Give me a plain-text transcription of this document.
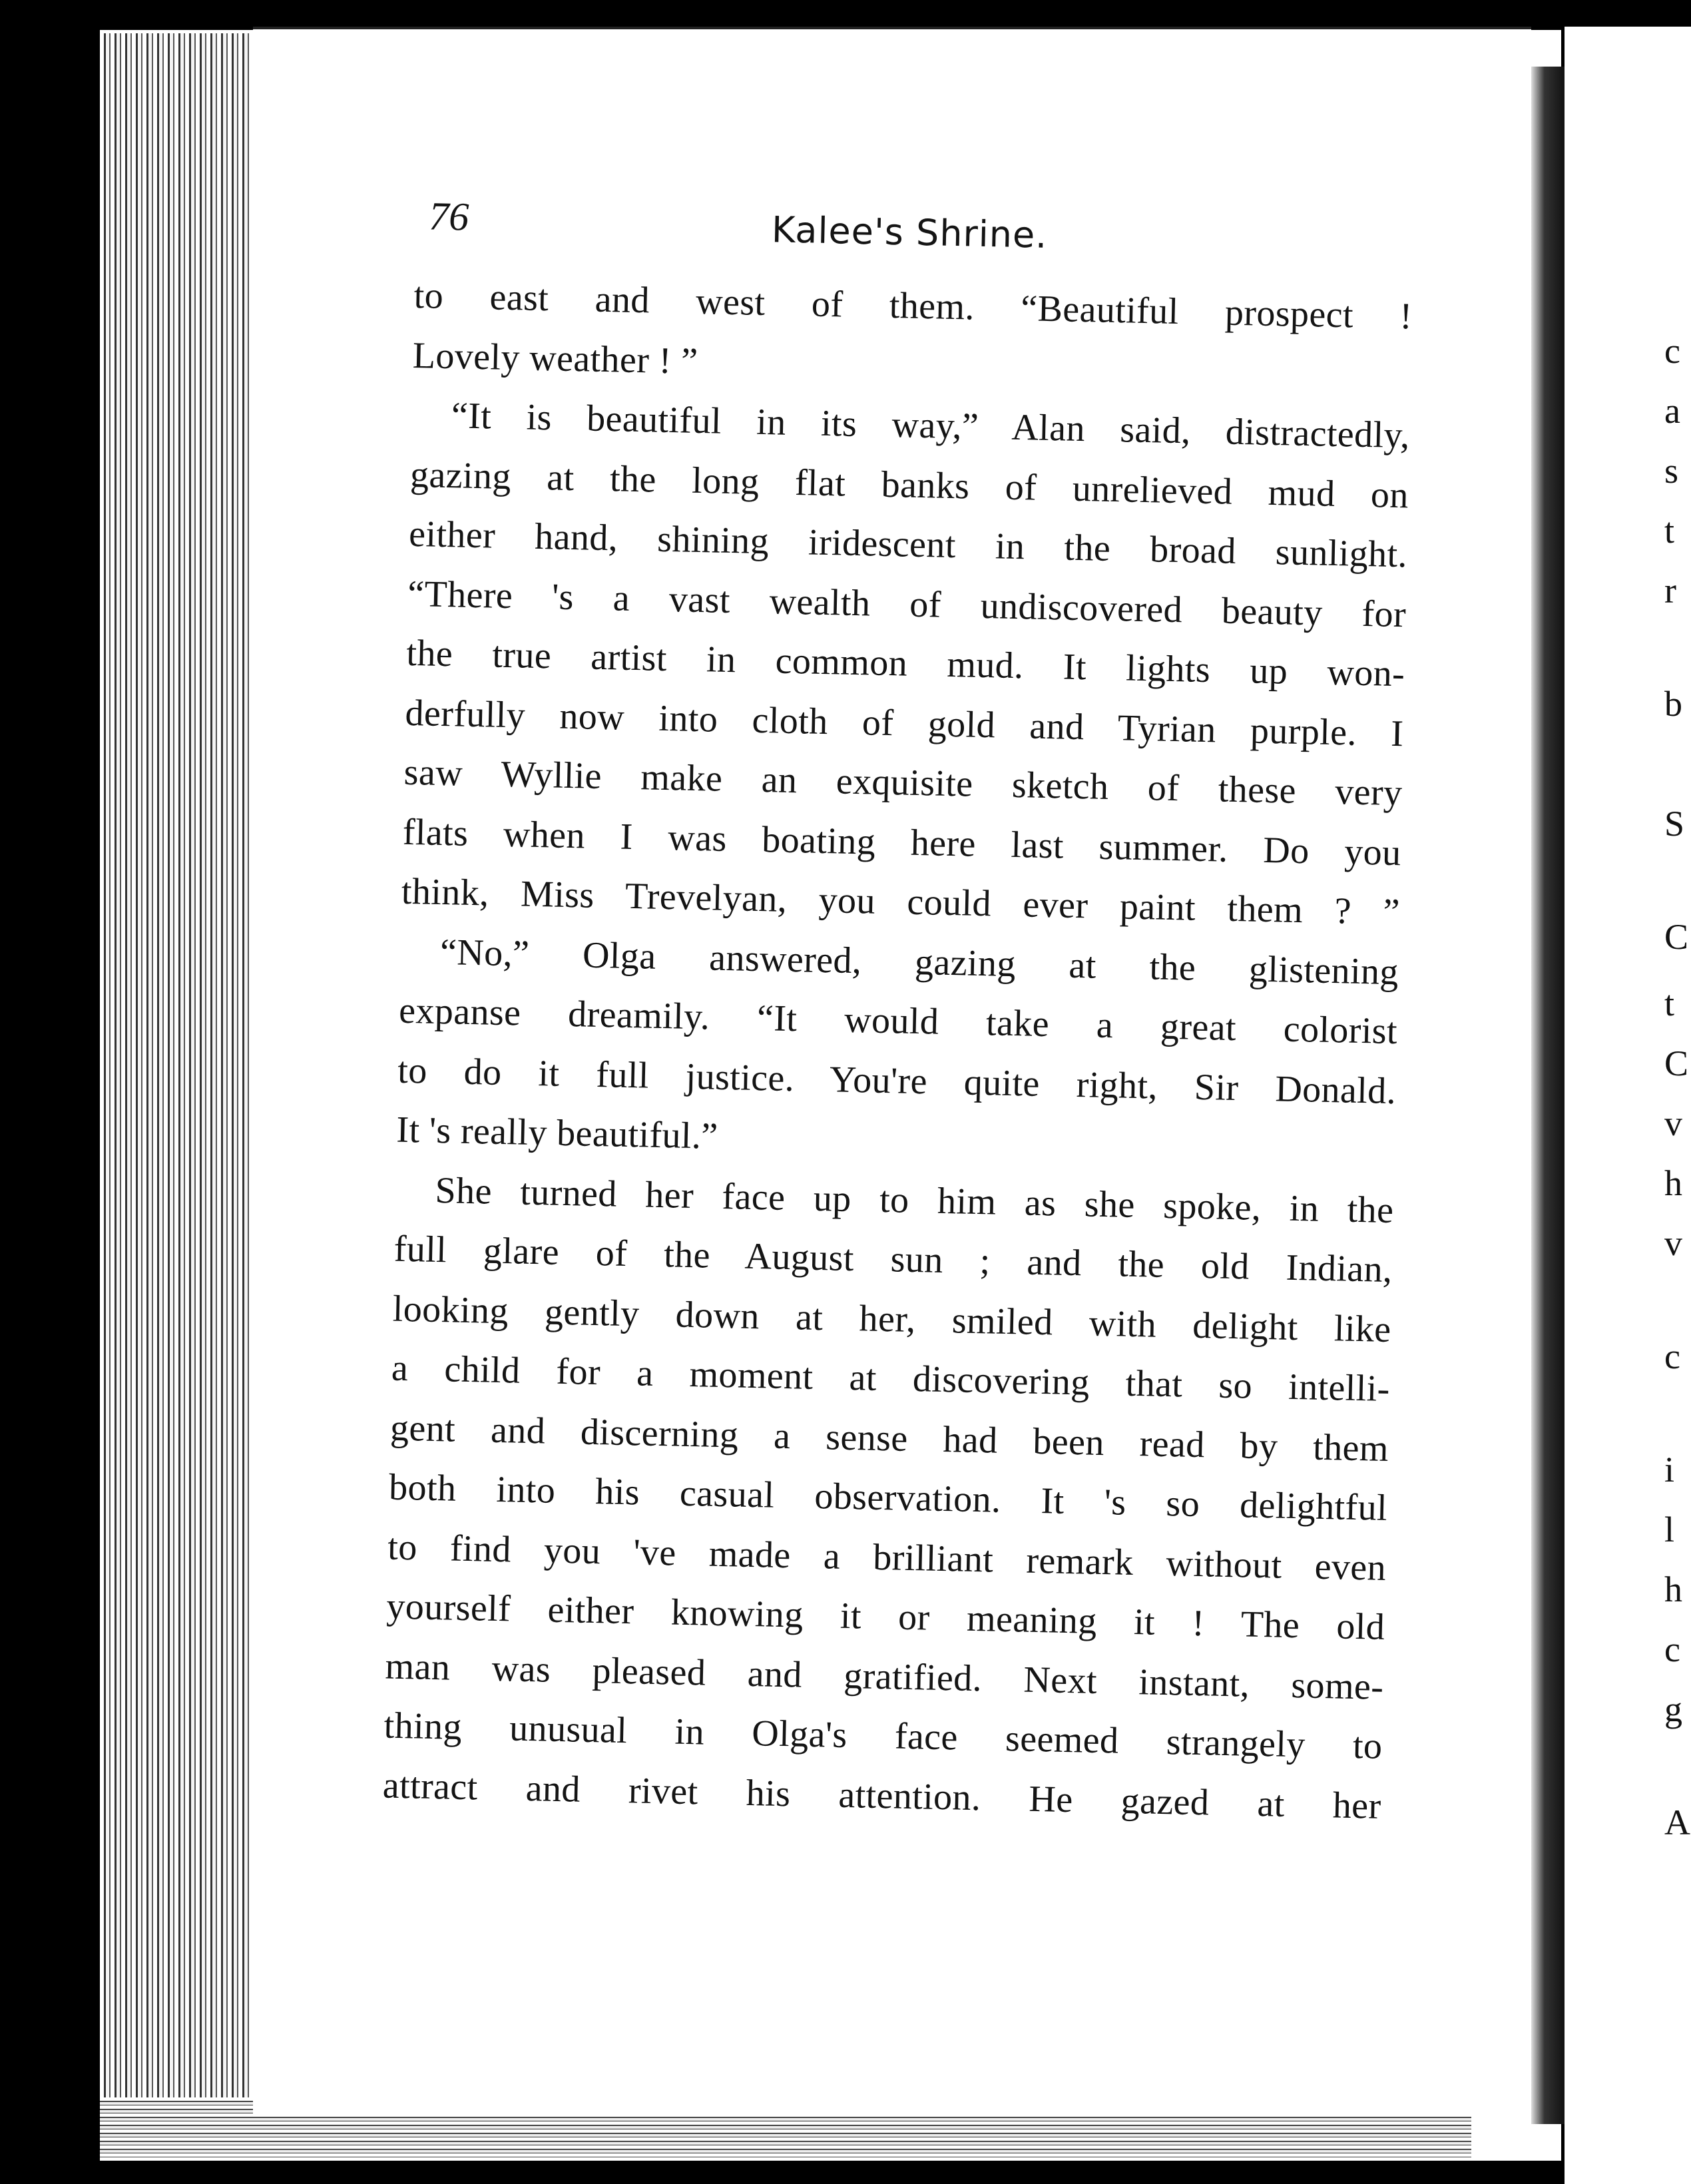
c
a
s
t
r
b
S
C
t
C
v
h
v
c
i
l
h
c
g
A
76	Kalee's Shrine.
to east and west of them. “Beautiful prospect !
Lovely weather ! ”
“It is beautiful in its way,” Alan said, distractedly,
gazing at the long flat banks of unrelieved mud on
either hand, shining iridescent in the broad sunlight.
“There 's a vast wealth of undiscovered beauty for
the true artist in common mud. It lights up won-
derfully now into cloth of gold and Tyrian purple. I
saw Wyllie make an exquisite sketch of these very
flats when I was boating here last summer. Do you
think, Miss Trevelyan, you could ever paint them ? ”
“No,” Olga answered, gazing at the glistening
expanse dreamily. “It would take a great colorist
to do it full justice. You're quite right, Sir Donald.
It 's really beautiful.”
She turned her face up to him as she spoke, in the
full glare of the August sun ; and the old Indian,
looking gently down at her, smiled with delight like
a child for a moment at discovering that so intelli-
gent and discerning a sense had been read by them
both into his casual observation. It 's so delightful
to find you 've made a brilliant remark without even
yourself either knowing it or meaning it ! The old
man was pleased and gratified. Next instant, some-
thing unusual in Olga's face seemed strangely to
attract and rivet his attention. He gazed at her
